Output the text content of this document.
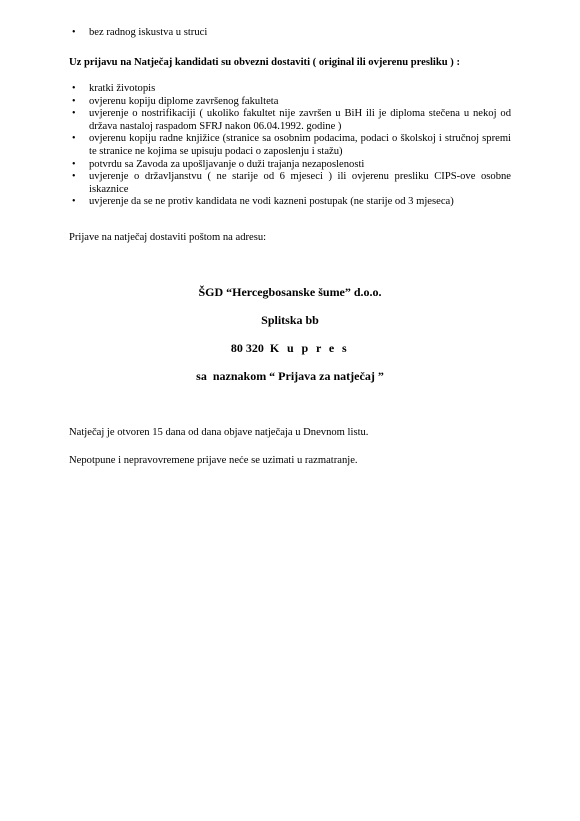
•	bez radnog iskustva u struci
Uz prijavu na Natječaj kandidati su obvezni dostaviti ( original ili ovjerenu presliku ) :
•	kratki životopis
•	ovjerenu kopiju diplome završenog fakulteta
•	uvjerenje o nostrifikaciji ( ukoliko fakultet nije završen u BiH ili je diploma stečena u nekoj od država nastaloj raspadom SFRJ nakon 06.04.1992. godine )
•	ovjerenu kopiju radne knjižice (stranice sa osobnim podacima, podaci o školskoj i stručnoj spremi te stranice ne kojima se upisuju podaci o zaposlenju i stažu)
•	potvrdu sa Zavoda za upošljavanje o duži trajanja nezaposlenosti
•	uvjerenje o državljanstvu ( ne starije od 6 mjeseci ) ili ovjerenu presliku CIPS-ove osobne iskaznice
•	uvjerenje da se ne protiv kandidata ne vodi kazneni postupak (ne starije od 3 mjeseca)
Prijave na natječaj dostaviti poštom na adresu:
ŠGD “Hercegbosanske šume” d.o.o.
Splitska bb
80 320 K u p r e s
sa  naznakom “ Prijava za natječaj ”
Natječaj je otvoren 15 dana od dana objave natječaja u Dnevnom listu.
Nepotpune i nepravovremene prijave neće se uzimati u razmatranje.
